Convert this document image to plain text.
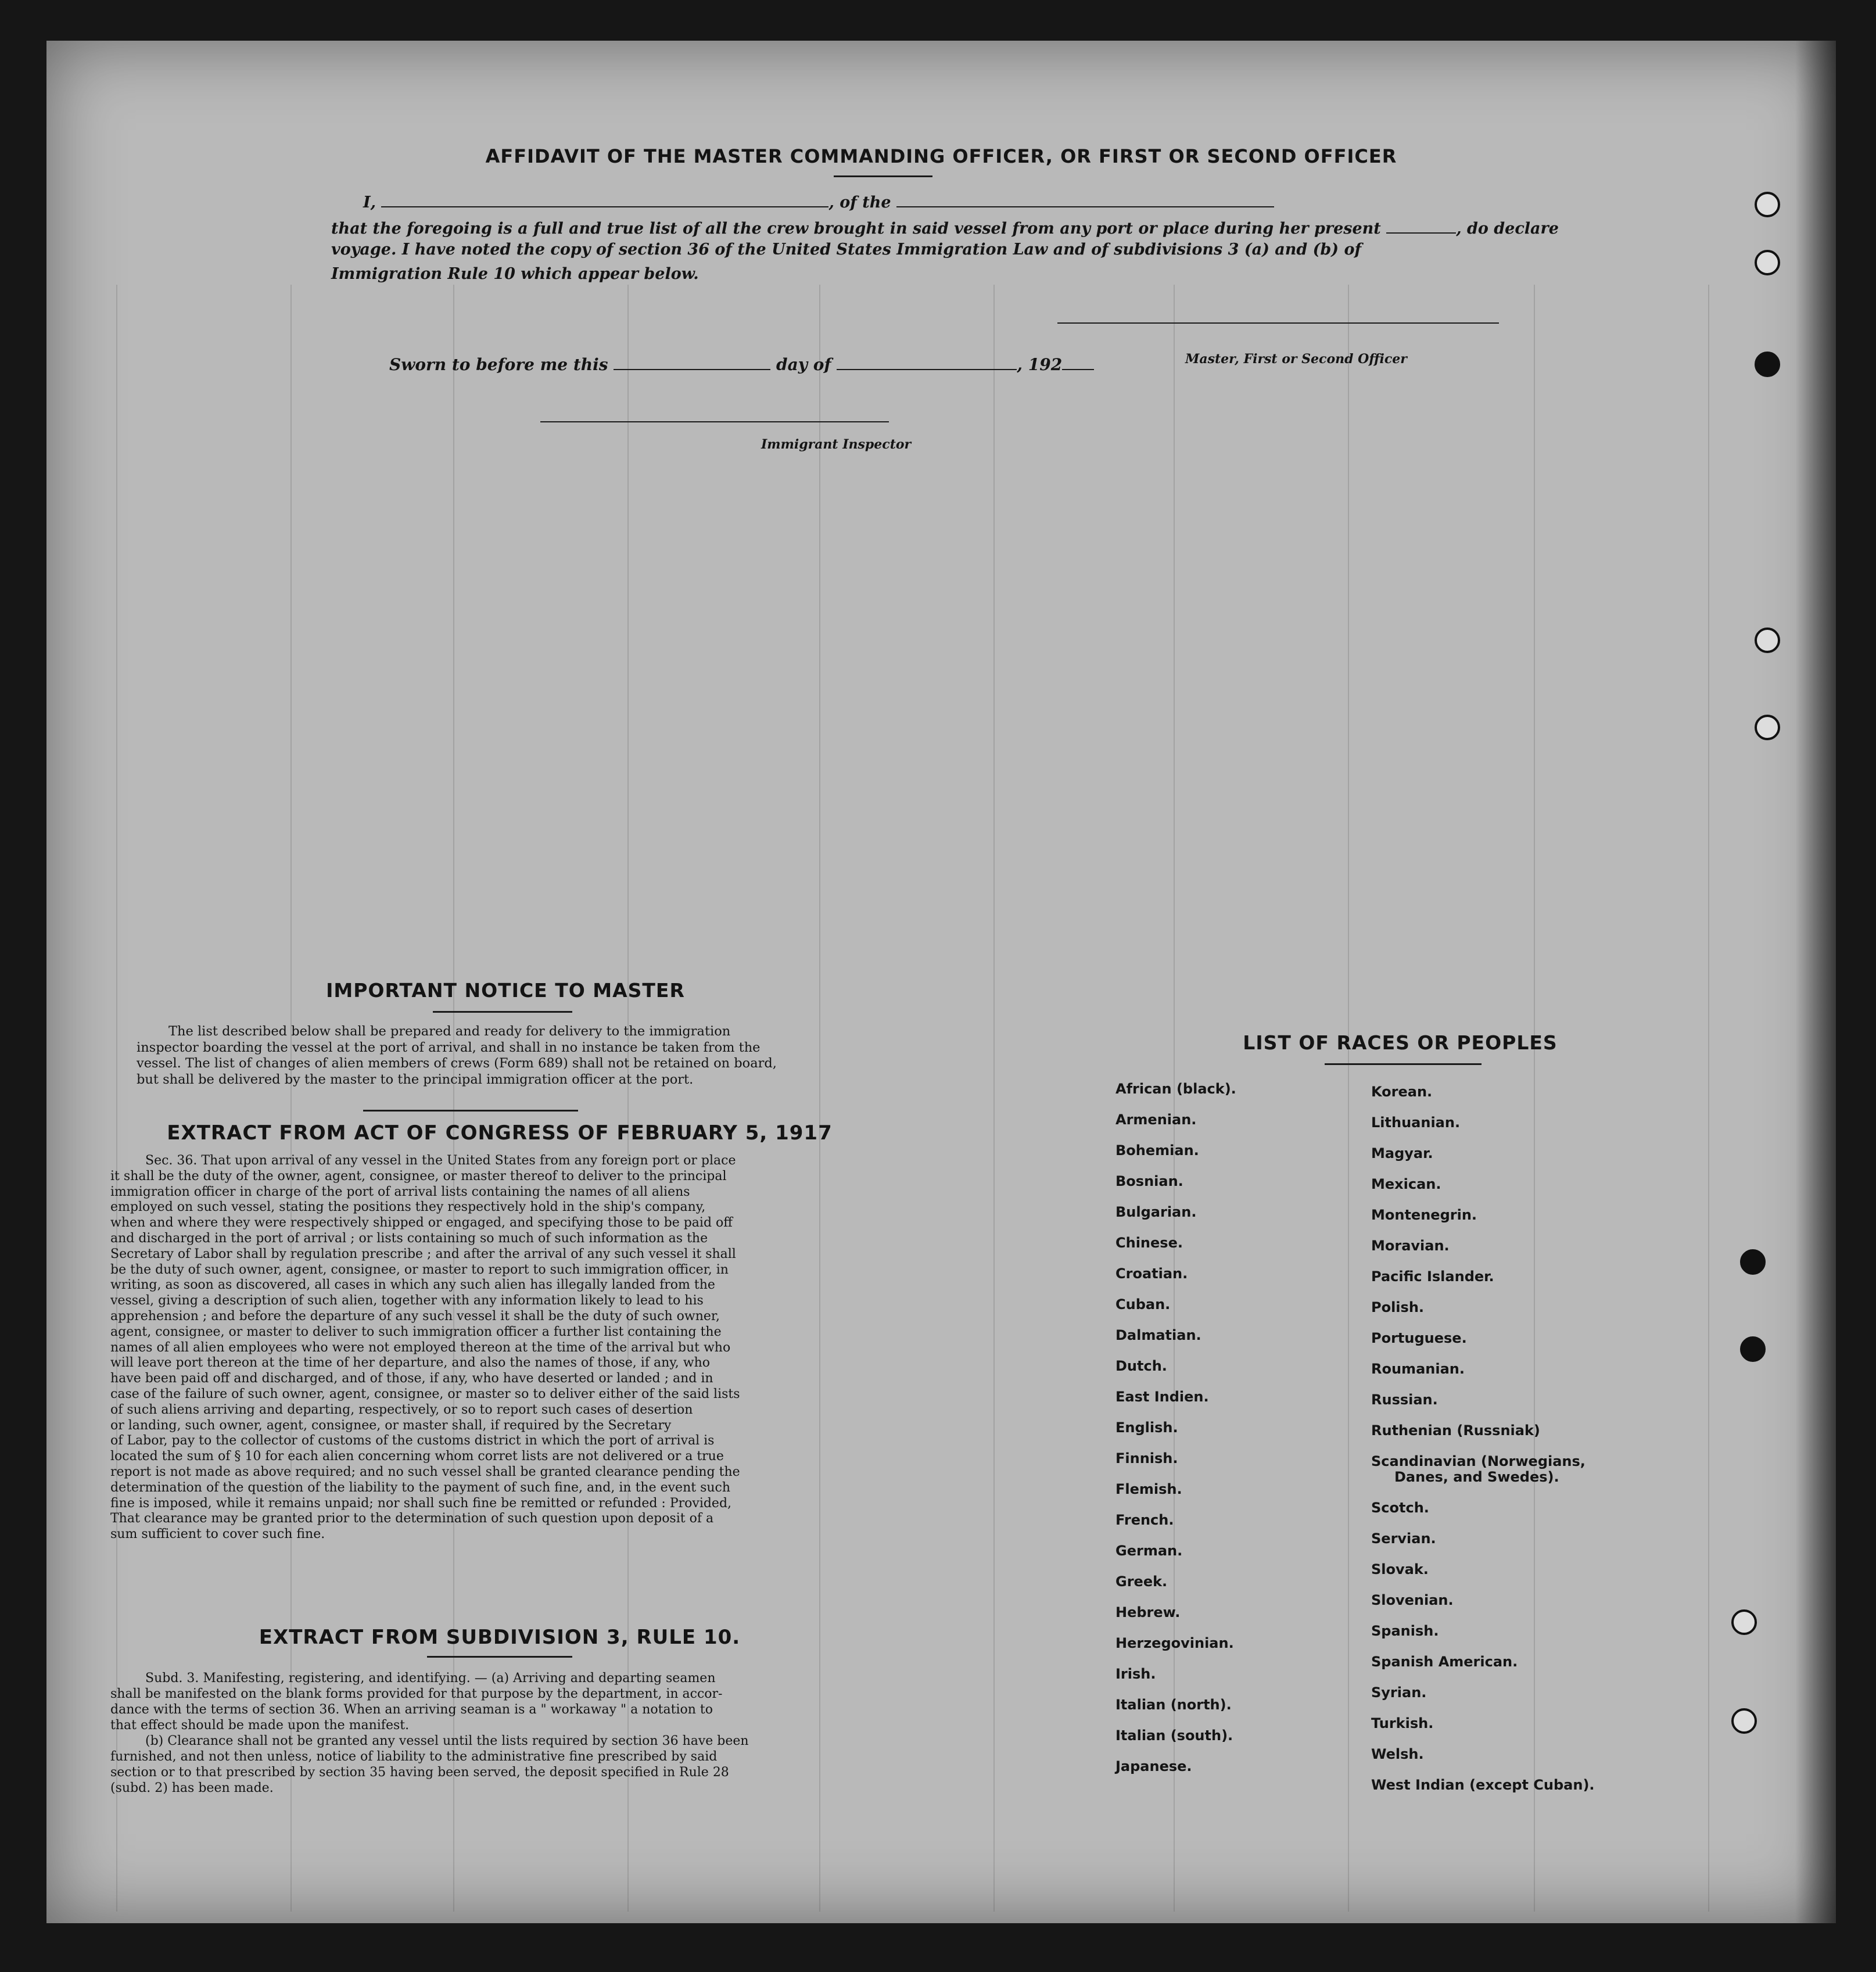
AFFIDAVIT OF THE MASTER COMMANDING OFFICER, OR FIRST OR SECOND OFFICER
I,	, of the
that the foregoing is a full and true list of all the crew brought in said vessel from any port or place during her present	, do declare
voyage. I have noted the copy of section 36 of the United States Immigration Law and of subdivisions 3 (a) and (b) of
Immigration Rule 10 which appear below.
Master, First or Second Officer
Sworn to before me this	day of	, 192
Immigrant Inspector
IMPORTANT NOTICE TO MASTER
The list described below shall be prepared and ready for delivery to the immigration
inspector boarding the vessel at the port of arrival, and shall in no instance be taken from the
vessel. The list of changes of alien members of crews (Form 689) shall not be retained on board,
but shall be delivered by the master to the principal immigration officer at the port.
EXTRACT FROM ACT OF CONGRESS OF FEBRUARY 5, 1917
Sec. 36. That upon arrival of any vessel in the United States from any foreign port or place
it shall be the duty of the owner, agent, consignee, or master thereof to deliver to the principal
immigration officer in charge of the port of arrival lists containing the names of all aliens
employed on such vessel, stating the positions they respectively hold in the ship's company,
when and where they were respectively shipped or engaged, and specifying those to be paid off
and discharged in the port of arrival ; or lists containing so much of such information as the
Secretary of Labor shall by regulation prescribe ; and after the arrival of any such vessel it shall
be the duty of such owner, agent, consignee, or master to report to such immigration officer, in
writing, as soon as discovered, all cases in which any such alien has illegally landed from the
vessel, giving a description of such alien, together with any information likely to lead to his
apprehension ; and before the departure of any such vessel it shall be the duty of such owner,
agent, consignee, or master to deliver to such immigration officer a further list containing the
names of all alien employees who were not employed thereon at the time of the arrival but who
will leave port thereon at the time of her departure, and also the names of those, if any, who
have been paid off and discharged, and of those, if any, who have deserted or landed ; and in
case of the failure of such owner, agent, consignee, or master so to deliver either of the said lists
of such aliens arriving and departing, respectively, or so to report such cases of desertion
or landing, such owner, agent, consignee, or master shall, if required by the Secretary
of Labor, pay to the collector of customs of the customs district in which the port of arrival is
located the sum of § 10 for each alien concerning whom corret lists are not delivered or a true
report is not made as above required; and no such vessel shall be granted clearance pending the
determination of the question of the liability to the payment of such fine, and, in the event such
fine is imposed, while it remains unpaid; nor shall such fine be remitted or refunded : Provided,
That clearance may be granted prior to the determination of such question upon deposit of a
sum sufficient to cover such fine.
EXTRACT FROM SUBDIVISION 3, RULE 10.
Subd. 3. Manifesting, registering, and identifying. — (a) Arriving and departing seamen
shall be manifested on the blank forms provided for that purpose by the department, in accor-
dance with the terms of section 36. When an arriving seaman is a " workaway " a notation to
that effect should be made upon the manifest.
(b) Clearance shall not be granted any vessel until the lists required by section 36 have been
furnished, and not then unless, notice of liability to the administrative fine prescribed by said
section or to that prescribed by section 35 having been served, the deposit specified in Rule 28
(subd. 2) has been made.
LIST OF RACES OR PEOPLES
African (black).
Armenian.
Bohemian.
Bosnian.
Bulgarian.
Chinese.
Croatian.
Cuban.
Dalmatian.
Dutch.
East Indien.
English.
Finnish.
Flemish.
French.
German.
Greek.
Hebrew.
Herzegovinian.
Irish.
Italian (north).
Italian (south).
Japanese.
Korean.
Lithuanian.
Magyar.
Mexican.
Montenegrin.
Moravian.
Pacific Islander.
Polish.
Portuguese.
Roumanian.
Russian.
Ruthenian (Russniak)
Scandinavian (Norwegians,
Danes, and Swedes).
Scotch.
Servian.
Slovak.
Slovenian.
Spanish.
Spanish American.
Syrian.
Turkish.
Welsh.
West Indian (except Cuban).
